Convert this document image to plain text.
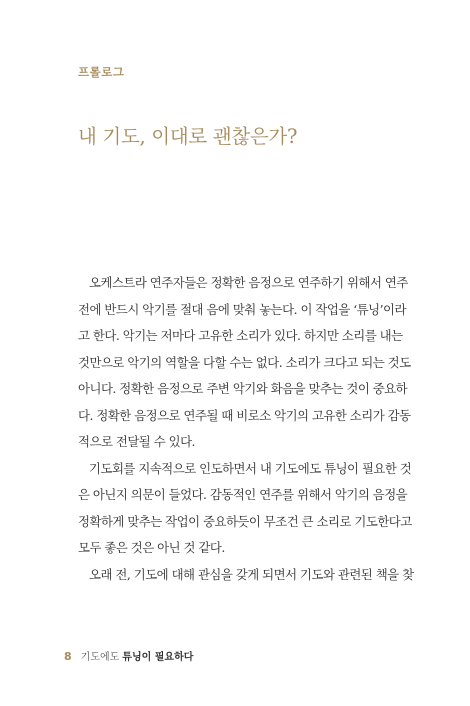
프롤로그
내 기도, 이대로 괜찮은가?

오케스트라 연주자들은 정확한 음정으로 연주하기 위해서 연주
전에 반드시 악기를 절대 음에 맞춰 놓는다. 이 작업을 ‘튜닝’이라
고 한다. 악기는 저마다 고유한 소리가 있다. 하지만 소리를 내는
것만으로 악기의 역할을 다할 수는 없다. 소리가 크다고 되는 것도
아니다. 정확한 음정으로 주변 악기와 화음을 맞추는 것이 중요하
다. 정확한 음정으로 연주될 때 비로소 악기의 고유한 소리가 감동
적으로 전달될 수 있다.

기도회를 지속적으로 인도하면서 내 기도에도 튜닝이 필요한 것
은 아닌지 의문이 들었다. 감동적인 연주를 위해서 악기의 음정을
정확하게 맞추는 작업이 중요하듯이 무조건 큰 소리로 기도한다고
모두 좋은 것은 아닌 것 같다.

오래 전, 기도에 대해 관심을 갖게 되면서 기도와 관련된 책을 찾

8 기도에도 튜닝이 필요하다
